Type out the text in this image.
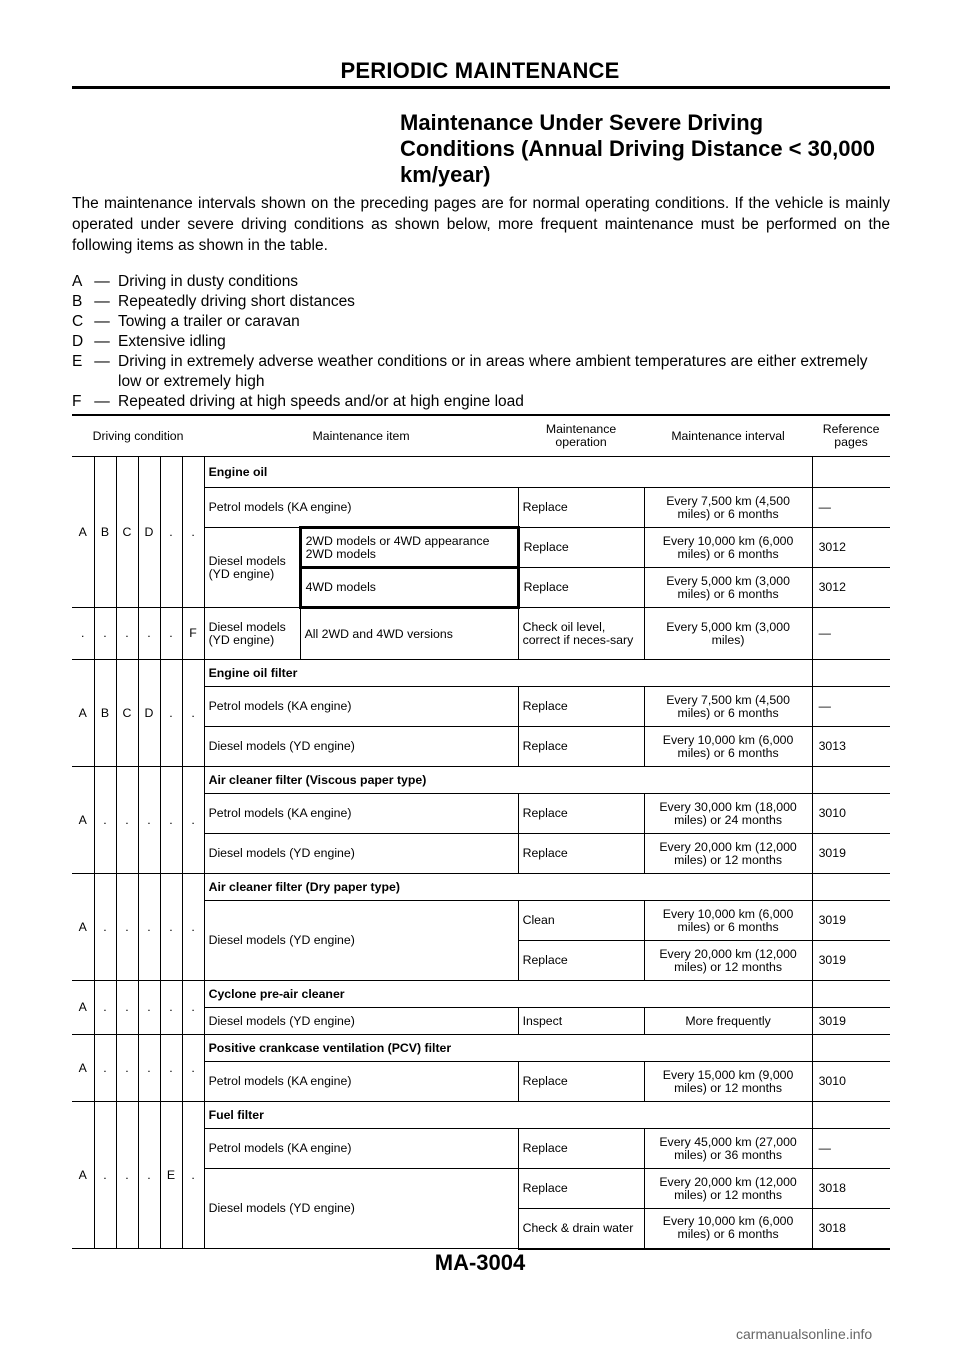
PERIODIC MAINTENANCE
Maintenance Under Severe Driving
Conditions (Annual Driving Distance < 30,000
km/year)
The maintenance intervals shown on the preceding pages are for normal operating conditions. If the vehicle is mainly operated under severe driving conditions as shown below, more frequent maintenance must be performed on the following items as shown in the table.
A — Driving in dusty conditions
B — Repeatedly driving short distances
C — Towing a trailer or caravan
D — Extensive idling
E — Driving in extremely adverse weather conditions or in areas where ambient temperatures are either extremely low or extremely high
F — Repeated driving at high speeds and/or at high engine load
Driving condition						Maintenance item		Maintenance operation	Maintenance interval	Reference pages
A	B	C	D	.	.	Engine oil				
						Petrol models (KA engine)		Replace	Every 7,500 km (4,500 miles) or 6 months	—
						Diesel models (YD engine)	2WD models or 4WD appearance 2WD models	Replace	Every 10,000 km (6,000 miles) or 6 months	3012
							4WD models	Replace	Every 5,000 km (3,000 miles) or 6 months	3012
.	.	.	.	.	F	Diesel models (YD engine)	All 2WD and 4WD versions	Check oil level, correct if neces-sary	Every 5,000 km (3,000 miles)	—
A	B	C	D	.	.	Engine oil filter				
						Petrol models (KA engine)		Replace	Every 7,500 km (4,500 miles) or 6 months	—
						Diesel models (YD engine)		Replace	Every 10,000 km (6,000 miles) or 6 months	3013
A	.	.	.	.	.	Air cleaner filter (Viscous paper type)				
						Petrol models (KA engine)		Replace	Every 30,000 km (18,000 miles) or 24 months	3010
						Diesel models (YD engine)		Replace	Every 20,000 km (12,000 miles) or 12 months	3019
A	.	.	.	.	.	Air cleaner filter (Dry paper type)				
						Diesel models (YD engine)		Clean	Every 10,000 km (6,000 miles) or 6 months	3019
								Replace	Every 20,000 km (12,000 miles) or 12 months	3019
A	.	.	.	.	.	Cyclone pre-air cleaner				
						Diesel models (YD engine)		Inspect	More frequently	3019
A	.	.	.	.	.	Positive crankcase ventilation (PCV) filter				
						Petrol models (KA engine)		Replace	Every 15,000 km (9,000 miles) or 12 months	3010
A	.	.	.	E	.	Fuel filter				
						Petrol models (KA engine)		Replace	Every 45,000 km (27,000 miles) or 36 months	—
						Diesel models (YD engine)		Replace	Every 20,000 km (12,000 miles) or 12 months	3018
								Check & drain water	Every 10,000 km (6,000 miles) or 6 months	3018
MA-3004
carmanualsonline.info
